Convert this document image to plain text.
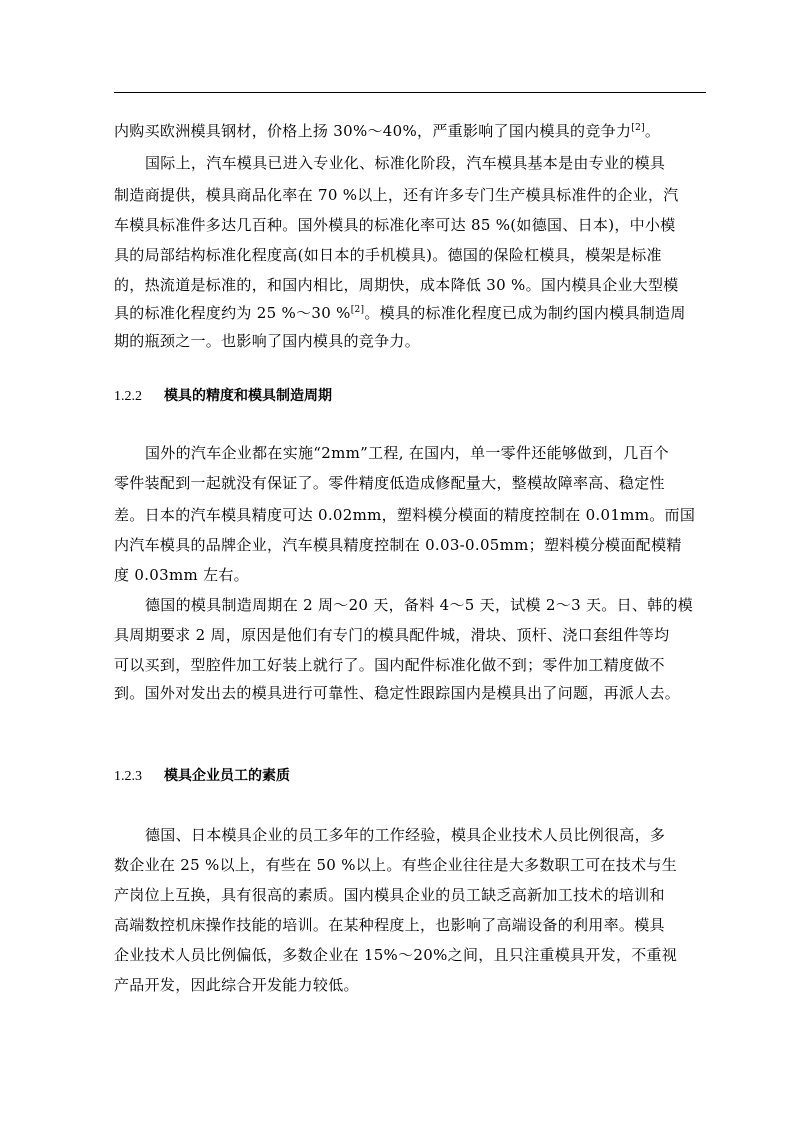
内购买欧洲模具钢材，价格上扬 30%～40%，严重影响了国内模具的竞争力[2]。
国际上，汽车模具已进入专业化、标准化阶段，汽车模具基本是由专业的模具
制造商提供，模具商品化率在 70 %以上，还有许多专门生产模具标准件的企业，汽
车模具标准件多达几百种。国外模具的标准化率可达 85 %(如德国、日本)，中小模
具的局部结构标准化程度高(如日本的手机模具)。德国的保险杠模具，模架是标准
的，热流道是标准的，和国内相比，周期快，成本降低 30 %。国内模具企业大型模
具的标准化程度约为 25 %～30 %[2]。模具的标准化程度已成为制约国内模具制造周
期的瓶颈之一。也影响了国内模具的竞争力。
1.2.2 模具的精度和模具制造周期
国外的汽车企业都在实施“2mm”工程, 在国内，单一零件还能够做到，几百个
零件装配到一起就没有保证了。零件精度低造成修配量大，整模故障率高、稳定性
差。日本的汽车模具精度可达 0.02mm，塑料模分模面的精度控制在 0.01mm。而国
内汽车模具的品牌企业，汽车模具精度控制在 0.03-0.05mm；塑料模分模面配模精
度 0.03mm 左右。
德国的模具制造周期在 2 周～20 天，备料 4～5 天，试模 2～3 天。日、韩的模
具周期要求 2 周，原因是他们有专门的模具配件城，滑块、顶杆、浇口套组件等均
可以买到，型腔件加工好装上就行了。国内配件标准化做不到；零件加工精度做不
到。国外对发出去的模具进行可靠性、稳定性跟踪国内是模具出了问题，再派人去。
1.2.3 模具企业员工的素质
德国、日本模具企业的员工多年的工作经验，模具企业技术人员比例很高，多
数企业在 25 %以上，有些在 50 %以上。有些企业往往是大多数职工可在技术与生
产岗位上互换，具有很高的素质。国内模具企业的员工缺乏高新加工技术的培训和
高端数控机床操作技能的培训。在某种程度上，也影响了高端设备的利用率。模具
企业技术人员比例偏低，多数企业在 15%～20%之间，且只注重模具开发，不重视
产品开发，因此综合开发能力较低。
